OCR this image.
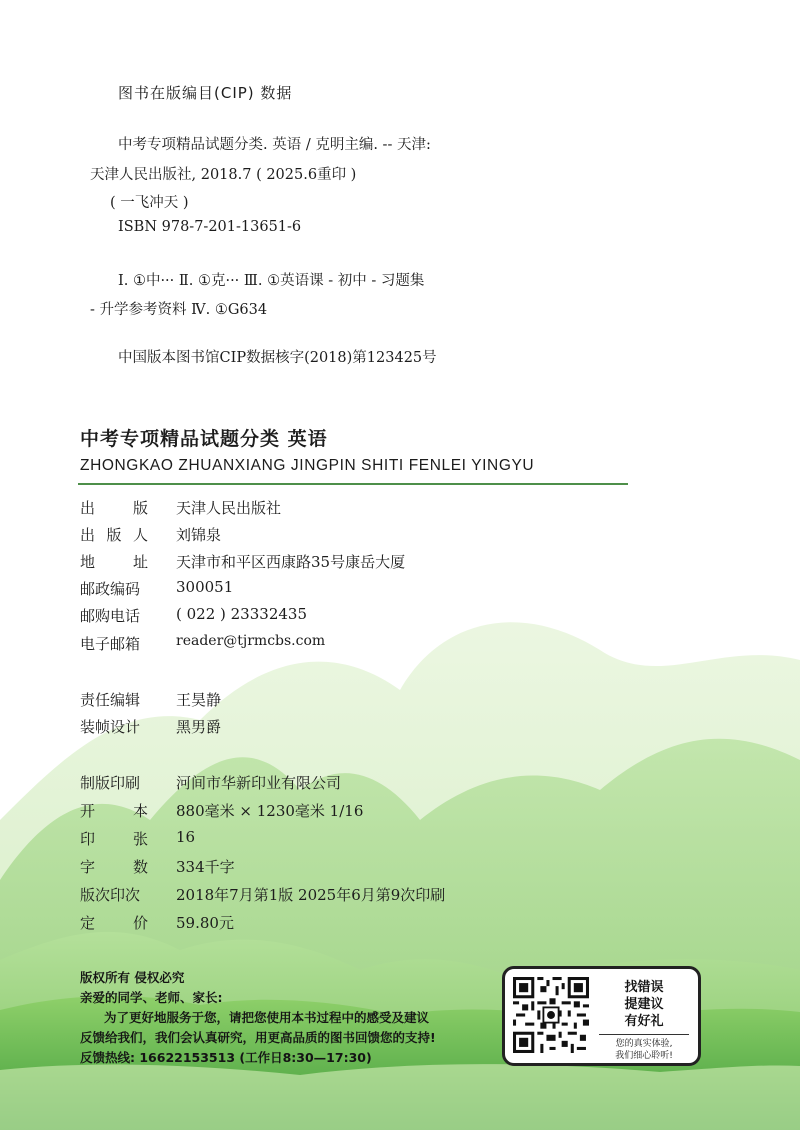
图书在版编目(CIP) 数据
中考专项精品试题分类. 英语 / 克明主编. -- 天津:
天津人民出版社, 2018.7 ( 2025.6重印 )
( 一飞冲天 )
ISBN 978-7-201-13651-6
Ⅰ. ①中··· Ⅱ. ①克··· Ⅲ. ①英语课 - 初中 - 习题集
- 升学参考资料 Ⅳ. ①G634
中国版本图书馆CIP数据核字(2018)第123425号
中考专项精品试题分类 英语
ZHONGKAO ZHUANXIANG JINGPIN SHITI FENLEI YINGYU
出	版 天津人民出版社
出 版 人 刘锦泉
地	址 天津市和平区西康路35号康岳大厦
邮政编码	300051
邮购电话	( 022 ) 23332435
电子邮箱	reader@tjrmcbs.com
责任编辑	王昊静
装帧设计	黑男爵
制版印刷	河间市华新印业有限公司
开	本 880毫米 × 1230毫米 1/16
印	张 16
字	数 334千字
版次印次	2018年7月第1版 2025年6月第9次印刷
定	价 59.80元
版权所有 侵权必究
亲爱的同学、老师、家长:
为了更好地服务于您，请把您使用本书过程中的感受及建议
反馈给我们，我们会认真研究，用更高品质的图书回馈您的支持!
反馈热线: 16622153513 (工作日8:30—17:30)
找错误
提建议
有好礼
您的真实体验,
我们细心聆听!
